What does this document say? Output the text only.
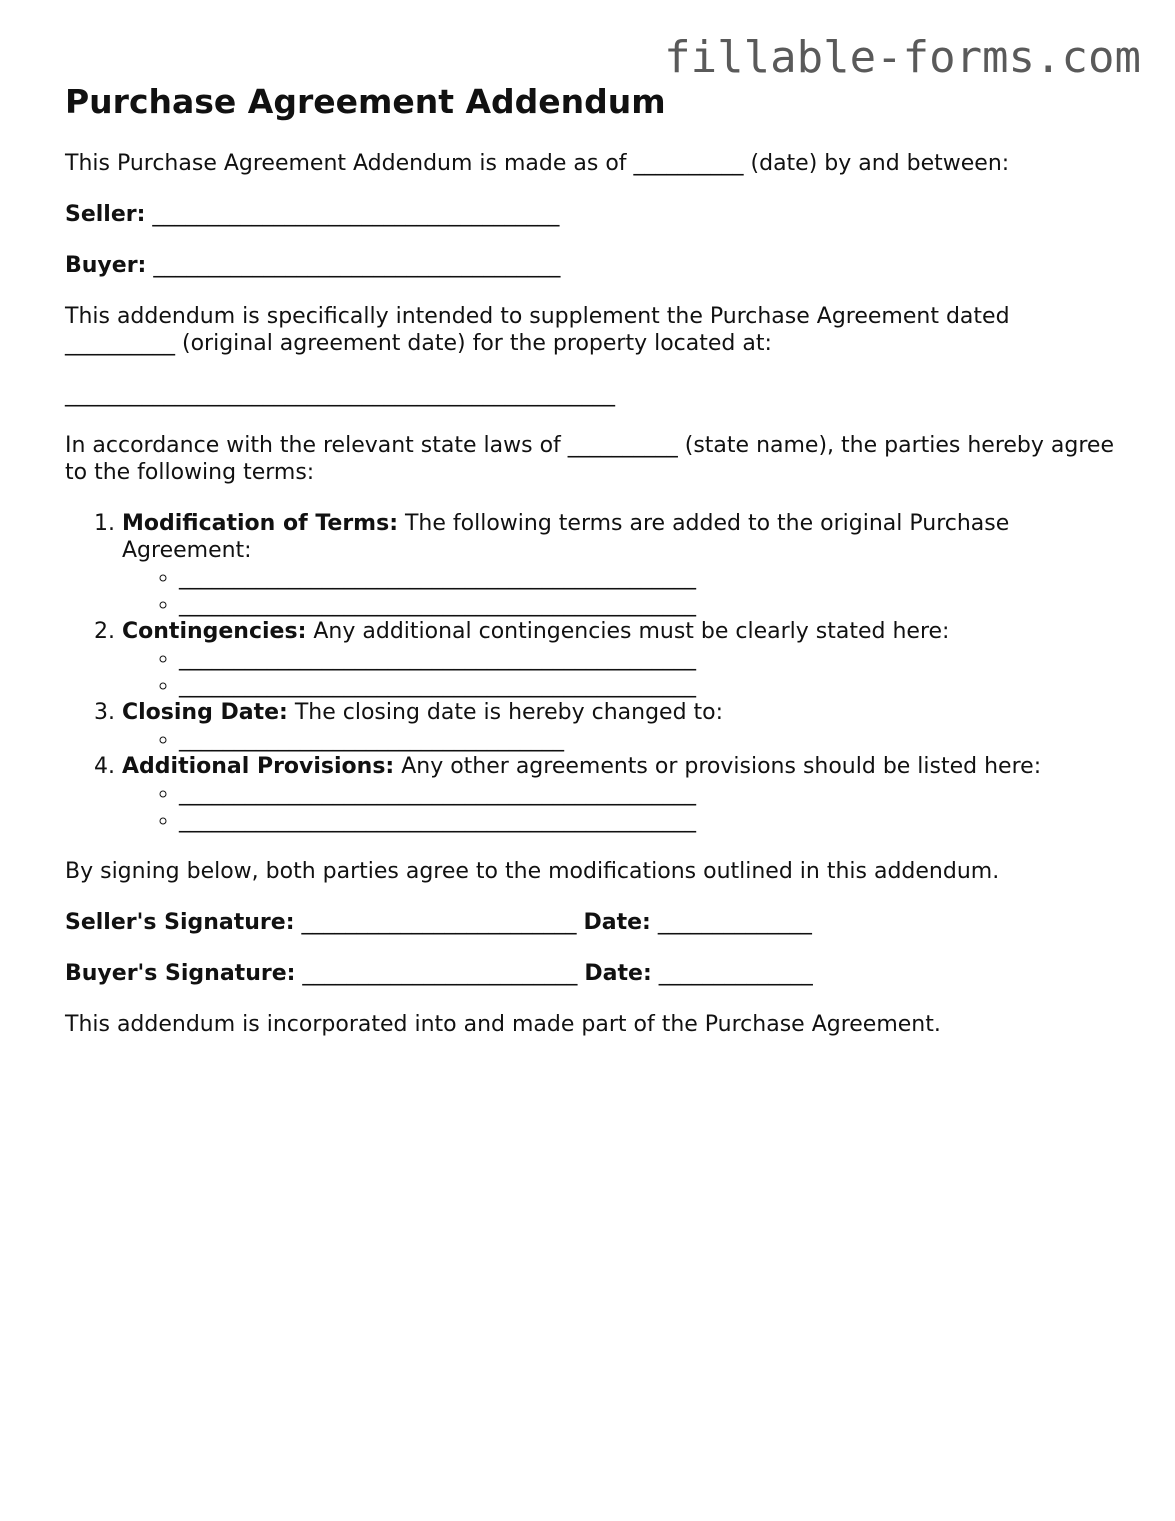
fillable-forms.com
Purchase Agreement Addendum

This Purchase Agreement Addendum is made as of __________ (date) by and between:

Seller: _____________________________________

Buyer: _____________________________________

This addendum is specifically intended to supplement the Purchase Agreement dated __________ (original agreement date) for the property located at:

__________________________________________________

In accordance with the relevant state laws of __________ (state name), the parties hereby agree to the following terms:

1. Modification of Terms: The following terms are added to the original Purchase Agreement:
◦ _______________________________________________
◦ _______________________________________________
2. Contingencies: Any additional contingencies must be clearly stated here:
◦ _______________________________________________
◦ _______________________________________________
3. Closing Date: The closing date is hereby changed to:
◦ ___________________________________
4. Additional Provisions: Any other agreements or provisions should be listed here:
◦ _______________________________________________
◦ _______________________________________________

By signing below, both parties agree to the modifications outlined in this addendum.

Seller's Signature: _________________________ Date: ______________

Buyer's Signature: _________________________ Date: ______________

This addendum is incorporated into and made part of the Purchase Agreement.
